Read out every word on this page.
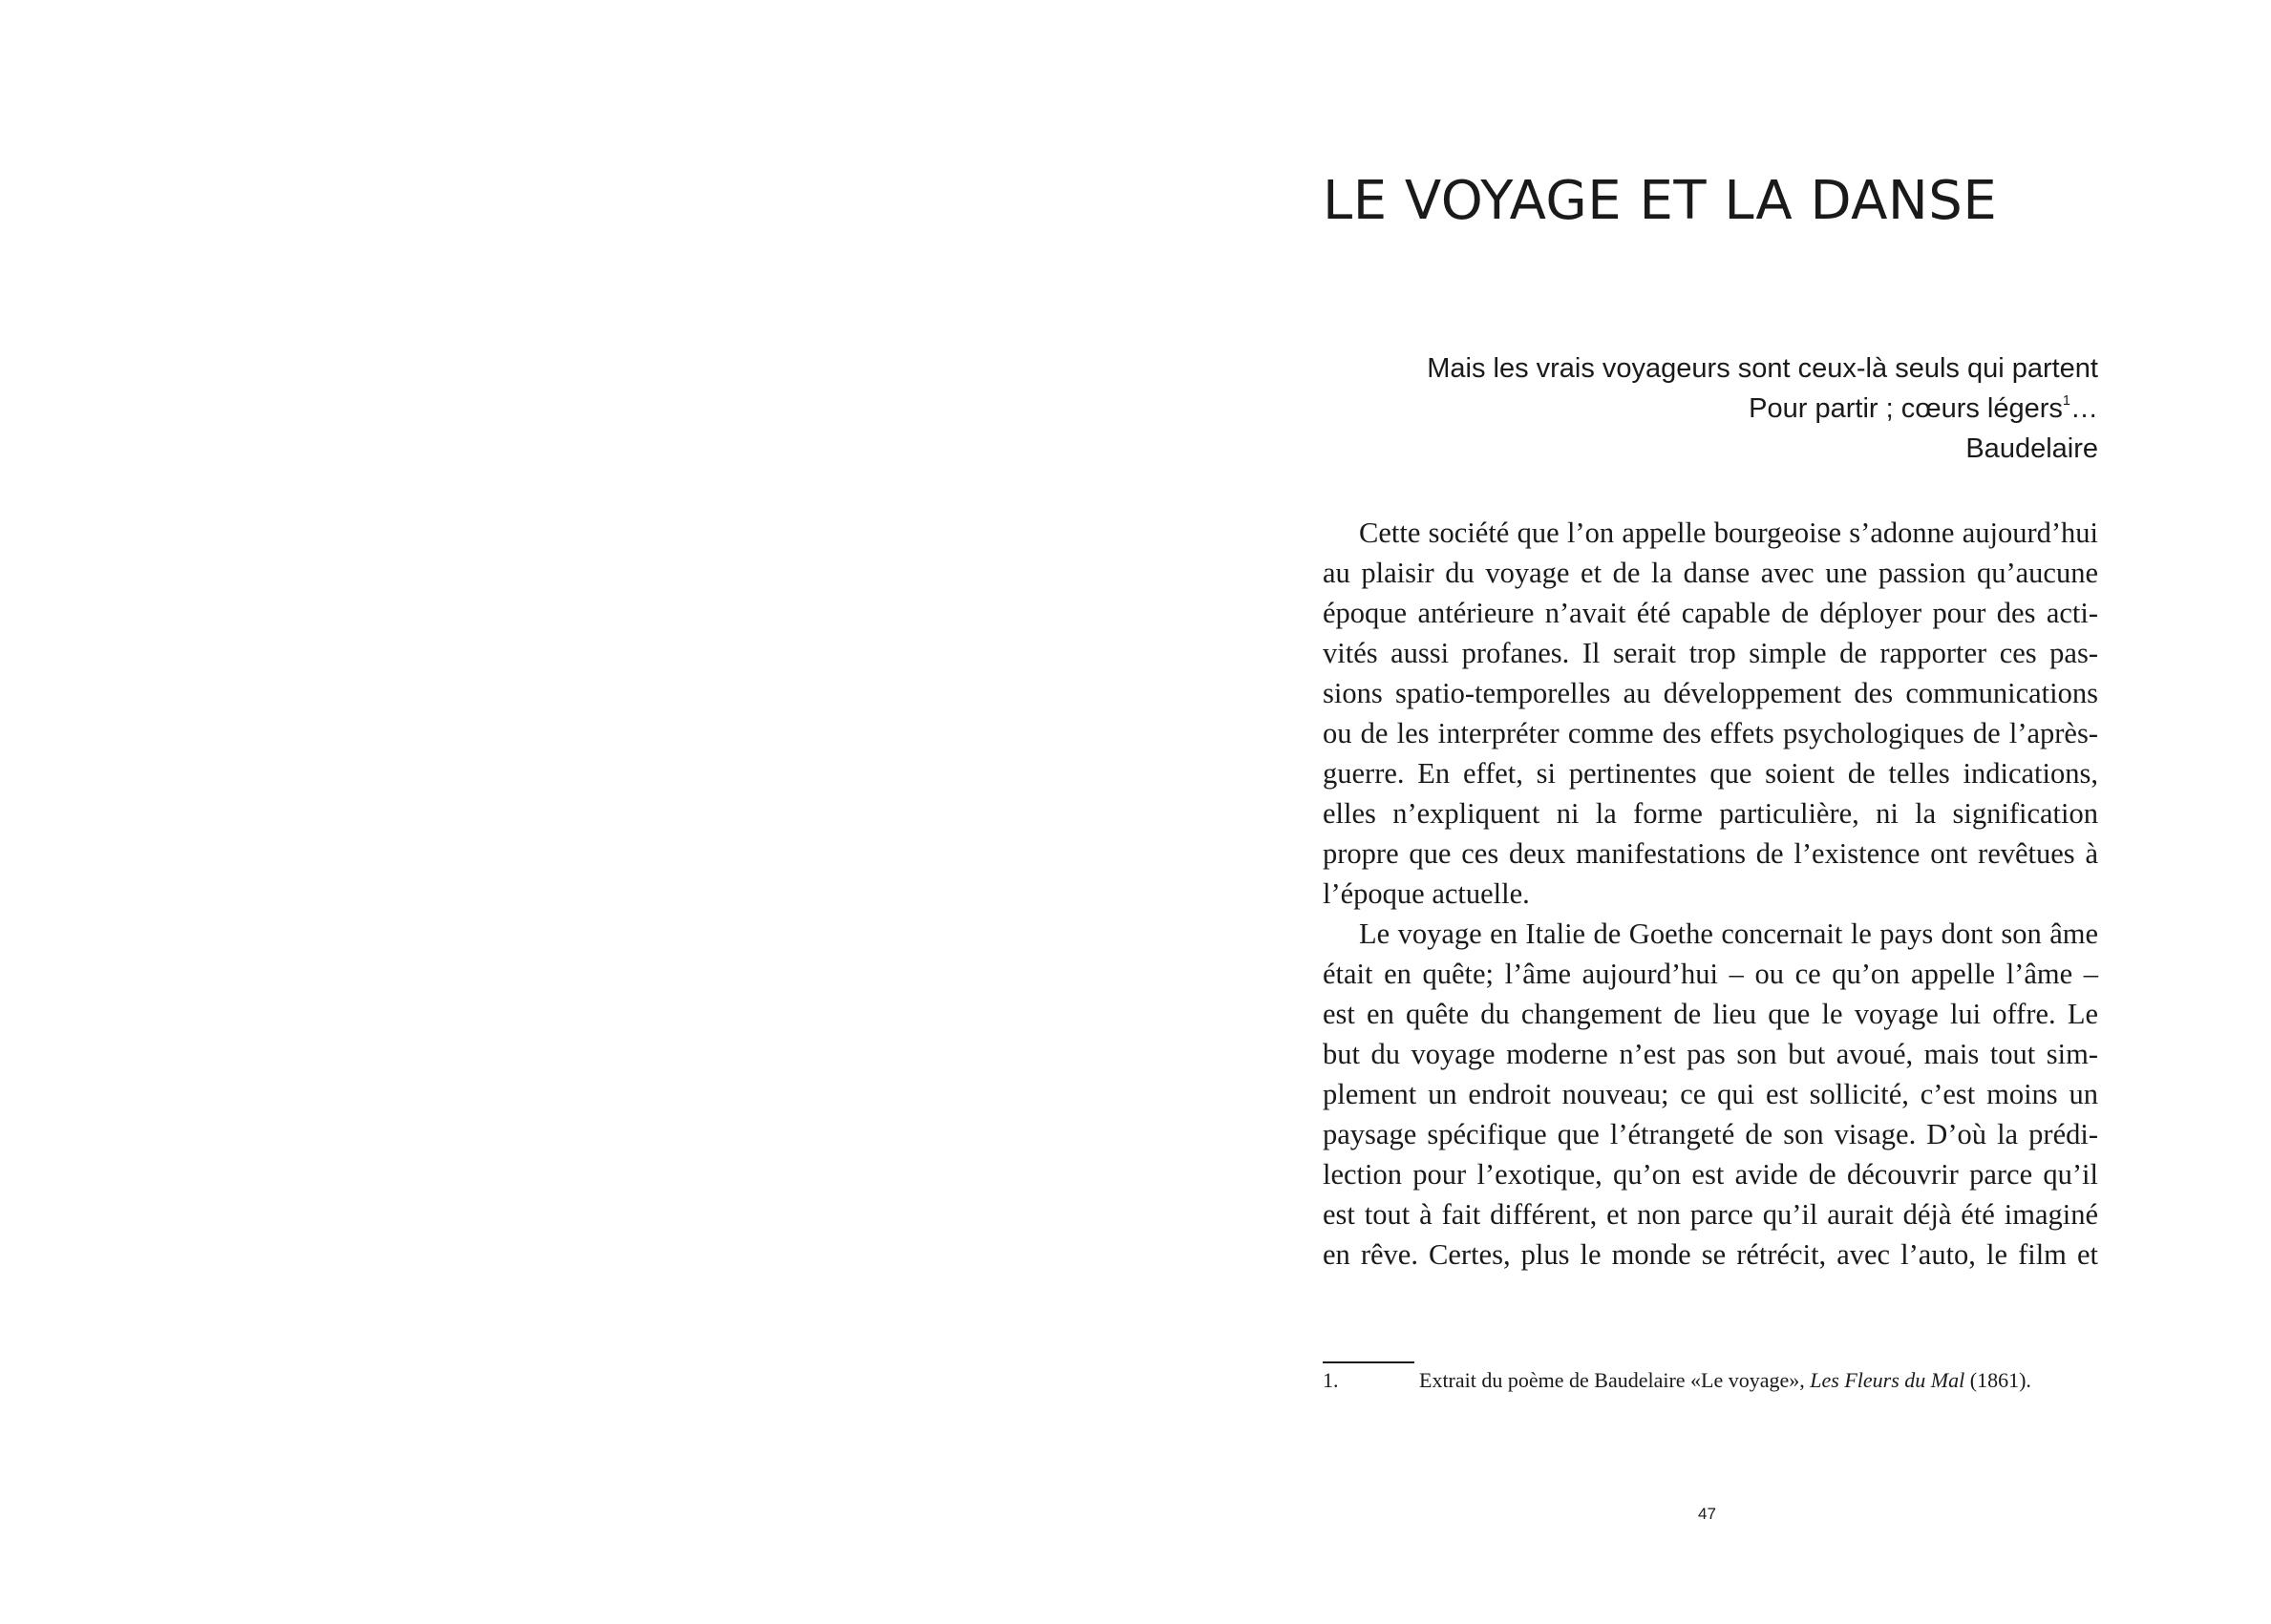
LE VOYAGE ET LA DANSE
Mais les vrais voyageurs sont ceux-là seuls qui partent
Pour partir ; cœurs légers$^1$…
Baudelaire
Cette société que l’on appelle bourgeoise s’adonne aujourd’hui
au plaisir du voyage et de la danse avec une passion qu’aucune
époque antérieure n’avait été capable de déployer pour des acti-
vités aussi profanes. Il serait trop simple de rapporter ces pas-
sions spatio-temporelles au développement des communications
ou de les interpréter comme des effets psychologiques de l’après-
guerre. En effet, si pertinentes que soient de telles indications,
elles n’expliquent ni la forme particulière, ni la signification
propre que ces deux manifestations de l’existence ont revêtues à
l’époque actuelle.
Le voyage en Italie de Goethe concernait le pays dont son âme
était en quête; l’âme aujourd’hui – ou ce qu’on appelle l’âme –
est en quête du changement de lieu que le voyage lui offre. Le
but du voyage moderne n’est pas son but avoué, mais tout sim-
plement un endroit nouveau; ce qui est sollicité, c’est moins un
paysage spécifique que l’étrangeté de son visage. D’où la prédi-
lection pour l’exotique, qu’on est avide de découvrir parce qu’il
est tout à fait différent, et non parce qu’il aurait déjà été imaginé
en rêve. Certes, plus le monde se rétrécit, avec l’auto, le film et
1.	Extrait du poème de Baudelaire «Le voyage», Les Fleurs du Mal (1861).
47
